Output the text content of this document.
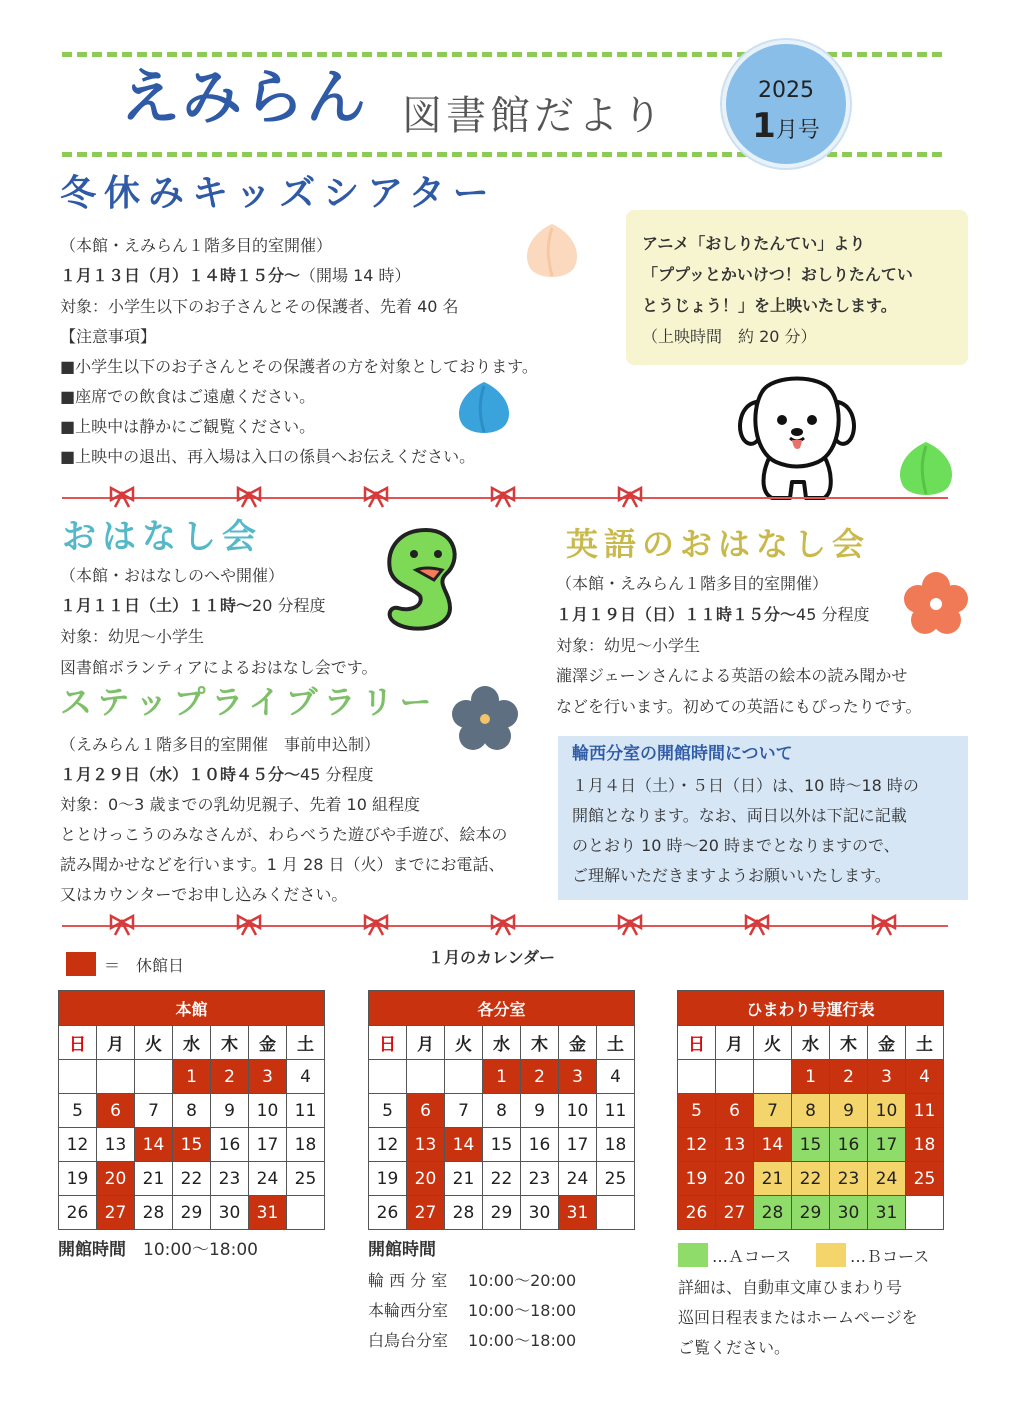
えみらん 図書館だより
2025
1月号
冬休みキッズシアター
（本館・えみらん１階多目的室開催）
１月１３日（月）１４時１５分～（開場 14 時）
対象：小学生以下のお子さんとその保護者、先着 40 名
【注意事項】
■小学生以下のお子さんとその保護者の方を対象としております。
■座席での飲食はご遠慮ください。
■上映中は静かにご観覧ください。
■上映中の退出、再入場は入口の係員へお伝えください。
アニメ「おしりたんてい」より
「ププッとかいけつ！おしりたんてい
とうじょう！」を上映いたします。
（上映時間　約 20 分）
おはなし会
（本館・おはなしのへや開催）
１月１１日（土）１１時～20 分程度
対象：幼児～小学生
図書館ボランティアによるおはなし会です。
ステップライブラリー
（えみらん１階多目的室開催　事前申込制）
１月２９日（水）１０時４５分～45 分程度
対象：0～3 歳までの乳幼児親子、先着 10 組程度
ととけっこうのみなさんが、わらべうた遊びや手遊び、絵本の
読み聞かせなどを行います。1 月 28 日（火）までにお電話、
又はカウンターでお申し込みください。
英語のおはなし会
（本館・えみらん１階多目的室開催）
１月１９日（日）１１時１５分～45 分程度
対象：幼児～小学生
瀧澤ジェーンさんによる英語の絵本の読み聞かせ
などを行います。初めての英語にもぴったりです。
輪西分室の開館時間について
１月４日（土）・５日（日）は、10 時～18 時の
開館となります。なお、両日以外は下記に記載
のとおり 10 時～20 時までとなりますので、
ご理解いただきますようお願いいたします。
＝　休館日	１月のカレンダー
本館						
日	月	火	水	木	金	土
			1	2	3	4
5	6	7	8	9	10	11
12	13	14	15	16	17	18
19	20	21	22	23	24	25
26	27	28	29	30	31	
各分室						
日	月	火	水	木	金	土
			1	2	3	4
5	6	7	8	9	10	11
12	13	14	15	16	17	18
19	20	21	22	23	24	25
26	27	28	29	30	31	
ひまわり号運行表						
日	月	火	水	木	金	土
			1	2	3	4
5	6	7	8	9	10	11
12	13	14	15	16	17	18
19	20	21	22	23	24	25
26	27	28	29	30	31	
開館時間　 10:00～18:00	開館時間
輪 西 分 室 10:00～20:00
本輪西分室 10:00～18:00
白鳥台分室 10:00～18:00
…Ａコース	…Ｂコース
詳細は、自動車文庫ひまわり号
巡回日程表またはホームページを
ご覧ください。
